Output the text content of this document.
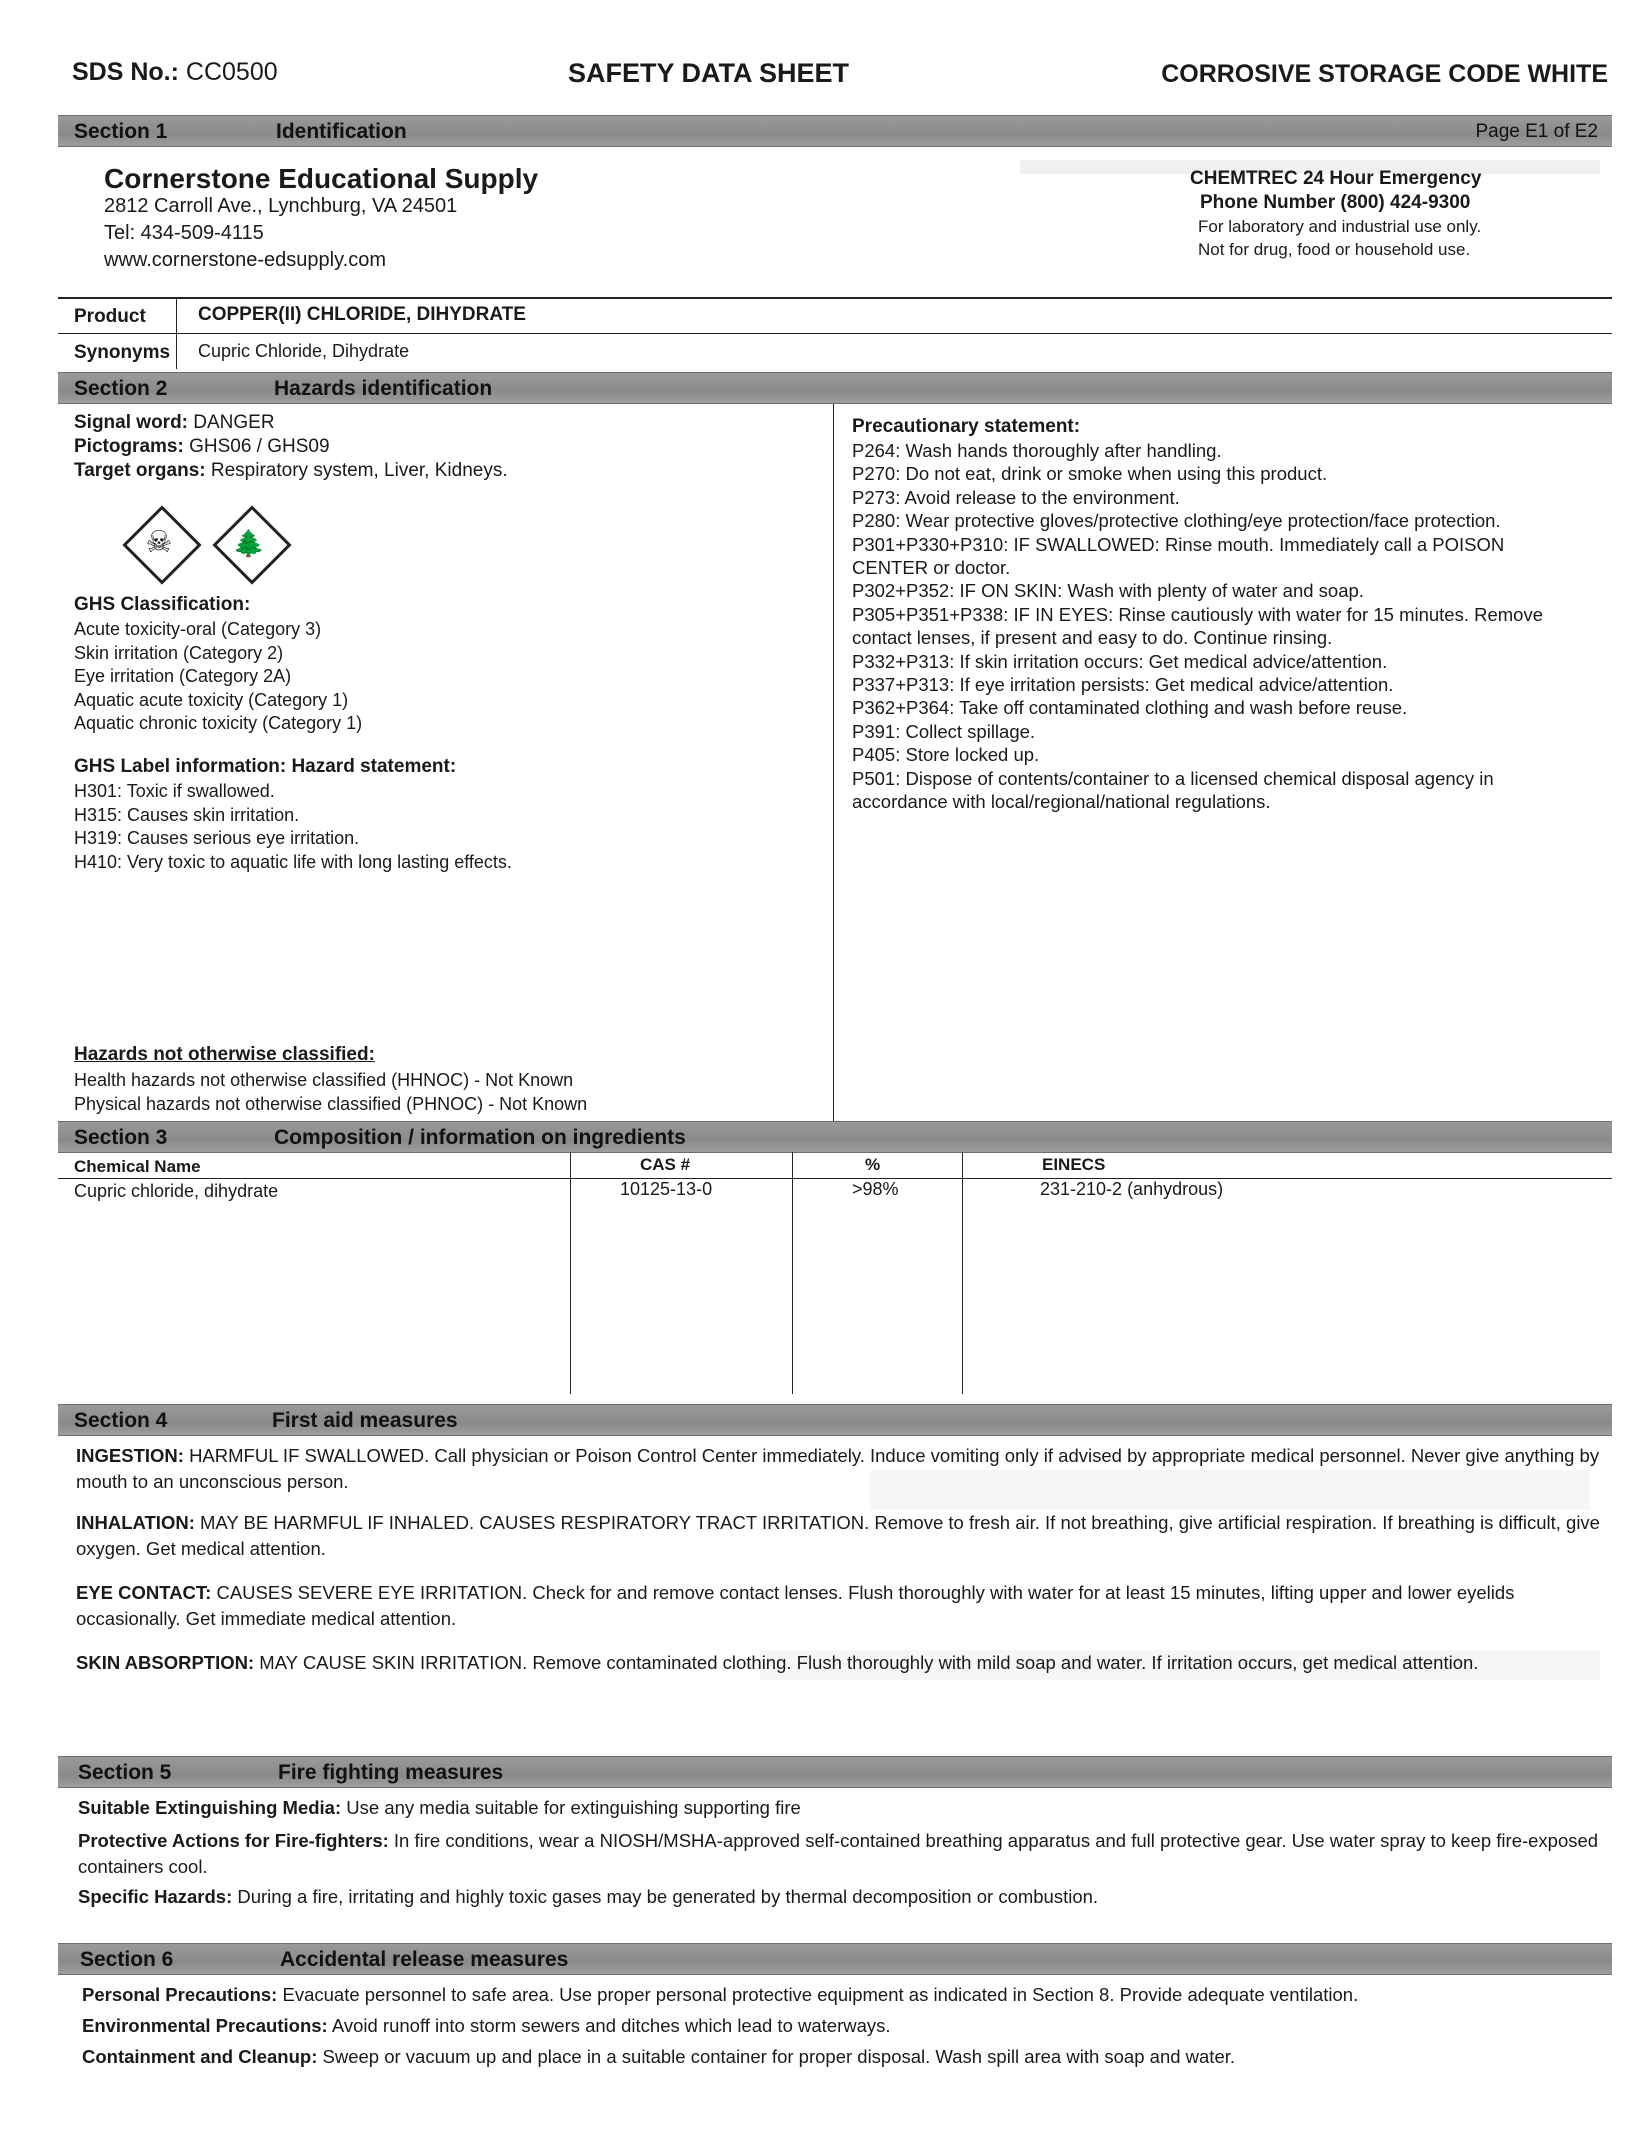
SDS No.: CC0500	SAFETY DATA SHEET	CORROSIVE STORAGE CODE WHITE
Section 1	Identification	Page E1 of E2
Cornerstone Educational Supply
2812 Carroll Ave., Lynchburg, VA 24501
Tel: 434-509-4115
www.cornerstone-edsupply.com
CHEMTREC 24 Hour Emergency
Phone Number (800) 424-9300
For laboratory and industrial use only.
Not for drug, food or household use.
Product	COPPER(II) CHLORIDE, DIHYDRATE
Synonyms Cupric Chloride, Dihydrate
Section 2	Hazards identification
Signal word: DANGER
Pictograms: GHS06 / GHS09
Target organs: Respiratory system, Liver, Kidneys.
☠	🌲
GHS Classification:
Acute toxicity-oral (Category 3)
Skin irritation (Category 2)
Eye irritation (Category 2A)
Aquatic acute toxicity (Category 1)
Aquatic chronic toxicity (Category 1)
GHS Label information: Hazard statement:
H301: Toxic if swallowed.
H315: Causes skin irritation.
H319: Causes serious eye irritation.
H410: Very toxic to aquatic life with long lasting effects.
Precautionary statement:
P264: Wash hands thoroughly after handling.
P270: Do not eat, drink or smoke when using this product.
P273: Avoid release to the environment.
P280: Wear protective gloves/protective clothing/eye protection/face protection.
P301+P330+P310: IF SWALLOWED: Rinse mouth. Immediately call a POISON
CENTER or doctor.
P302+P352: IF ON SKIN: Wash with plenty of water and soap.
P305+P351+P338: IF IN EYES: Rinse cautiously with water for 15 minutes. Remove
contact lenses, if present and easy to do. Continue rinsing.
P332+P313: If skin irritation occurs: Get medical advice/attention.
P337+P313: If eye irritation persists: Get medical advice/attention.
P362+P364: Take off contaminated clothing and wash before reuse.
P391: Collect spillage.
P405: Store locked up.
P501: Dispose of contents/container to a licensed chemical disposal agency in
accordance with local/regional/national regulations.
Hazards not otherwise classified:
Health hazards not otherwise classified (HHNOC) - Not Known
Physical hazards not otherwise classified (PHNOC) - Not Known
Section 3	Composition / information on ingredients
Chemical Name	CAS #	%	EINECS
Cupric chloride, dihydrate	10125-13-0	>98%	231-210-2 (anhydrous)
Section 4	First aid measures
INGESTION: HARMFUL IF SWALLOWED. Call physician or Poison Control Center immediately. Induce vomiting only if advised by appropriate medical personnel. Never give anything by mouth to an unconscious person.
INHALATION: MAY BE HARMFUL IF INHALED. CAUSES RESPIRATORY TRACT IRRITATION. Remove to fresh air. If not breathing, give artificial respiration. If breathing is difficult, give oxygen. Get medical attention.
EYE CONTACT: CAUSES SEVERE EYE IRRITATION. Check for and remove contact lenses. Flush thoroughly with water for at least 15 minutes, lifting upper and lower eyelids occasionally. Get immediate medical attention.
SKIN ABSORPTION: MAY CAUSE SKIN IRRITATION. Remove contaminated clothing. Flush thoroughly with mild soap and water. If irritation occurs, get medical attention.
Section 5	Fire fighting measures
Suitable Extinguishing Media: Use any media suitable for extinguishing supporting fire
Protective Actions for Fire-fighters: In fire conditions, wear a NIOSH/MSHA-approved self-contained breathing apparatus and full protective gear. Use water spray to keep fire-exposed containers cool.
Specific Hazards: During a fire, irritating and highly toxic gases may be generated by thermal decomposition or combustion.
Section 6	Accidental release measures
Personal Precautions: Evacuate personnel to safe area. Use proper personal protective equipment as indicated in Section 8. Provide adequate ventilation.
Environmental Precautions: Avoid runoff into storm sewers and ditches which lead to waterways.
Containment and Cleanup: Sweep or vacuum up and place in a suitable container for proper disposal. Wash spill area with soap and water.
